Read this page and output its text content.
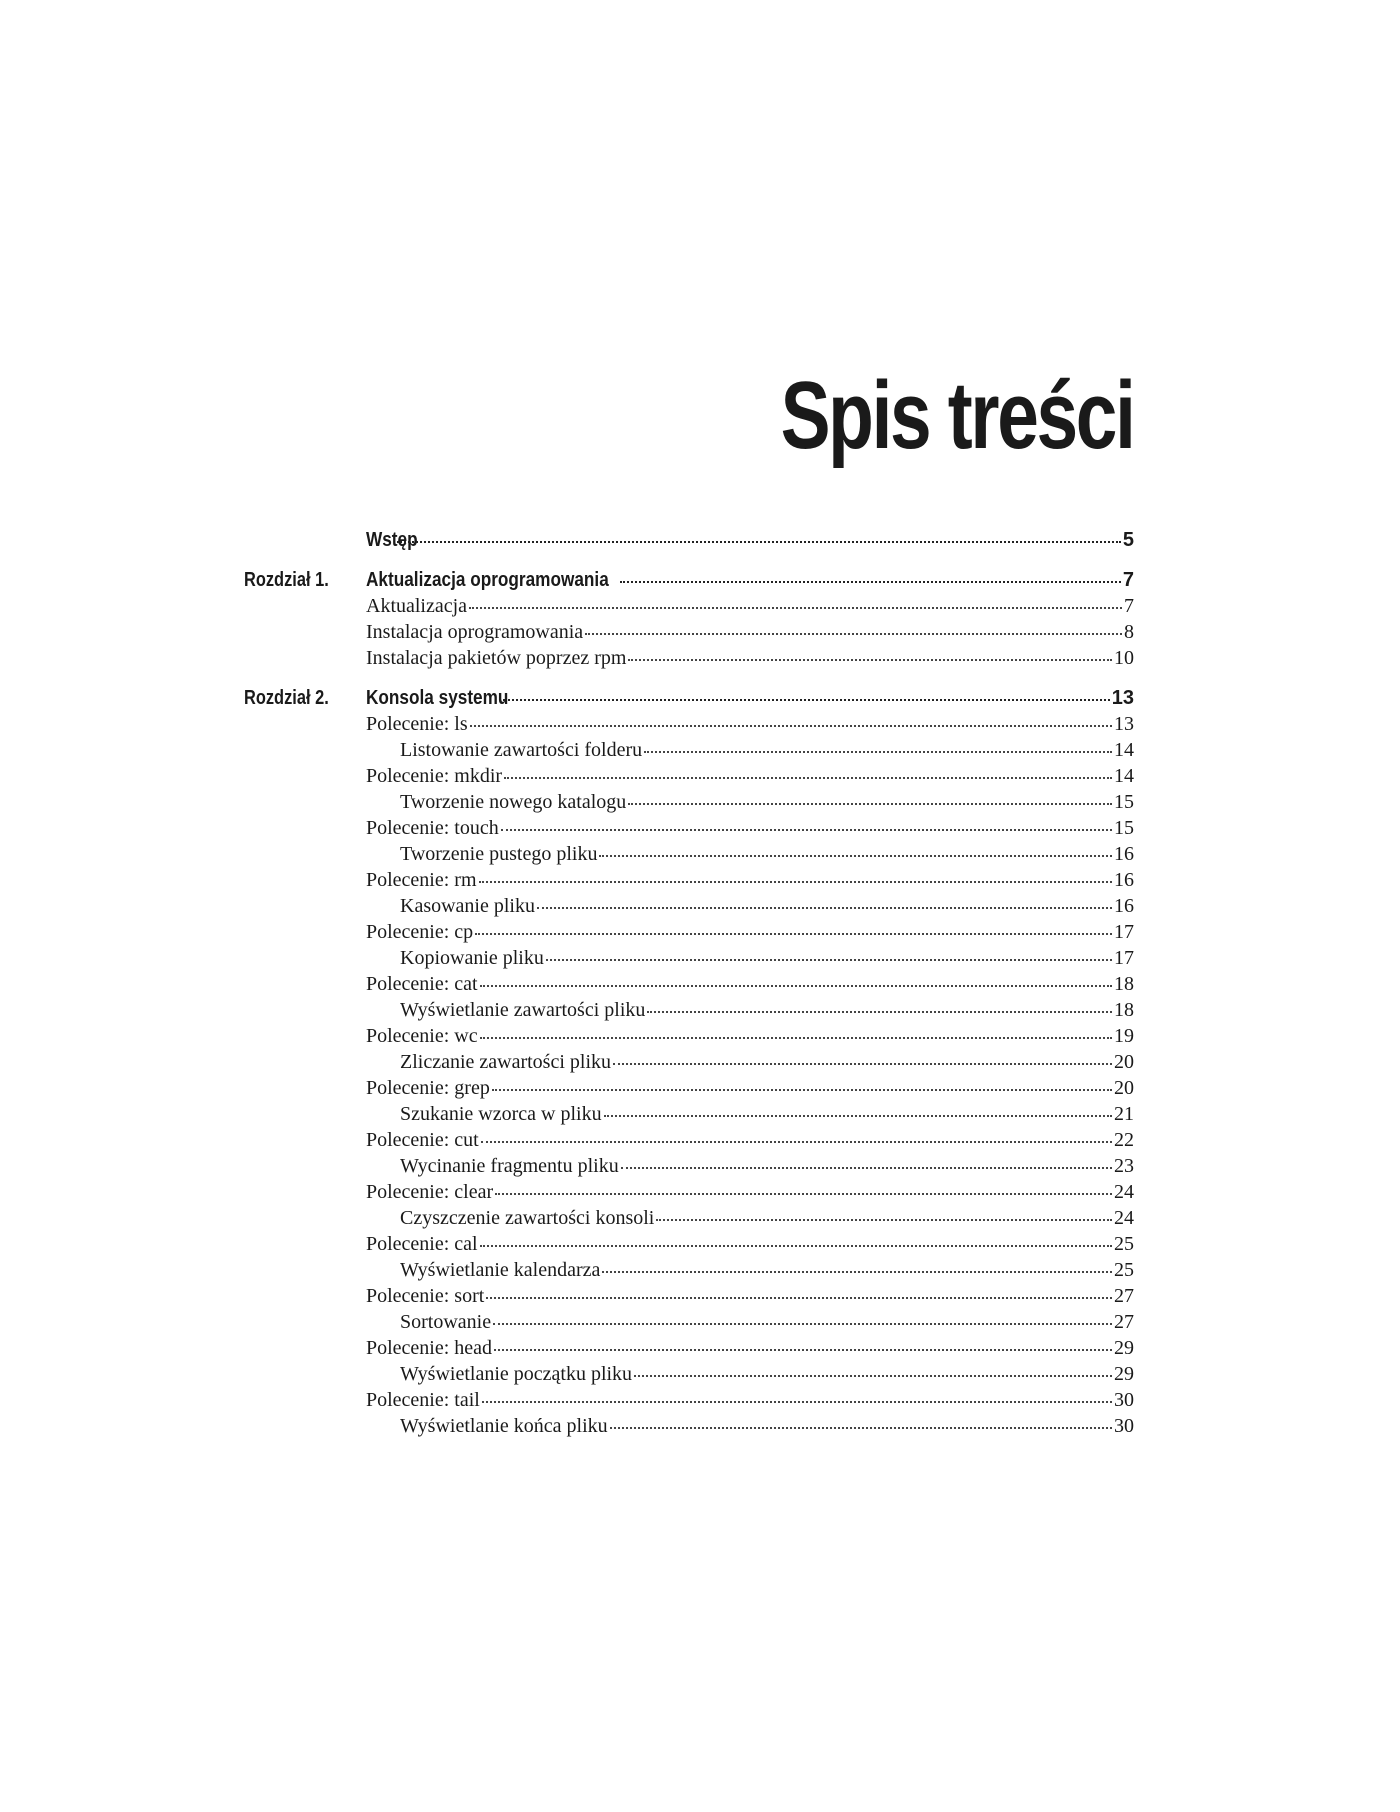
Spis treści
Wstęp	5
Rozdział 1. Aktualizacja oprogramowania	7
Aktualizacja	7
Instalacja oprogramowania	8
Instalacja pakietów poprzez rpm	10
Rozdział 2. Konsola systemu	13
Polecenie: ls	13
Listowanie zawartości folderu	14
Polecenie: mkdir	14
Tworzenie nowego katalogu	15
Polecenie: touch	15
Tworzenie pustego pliku	16
Polecenie: rm	16
Kasowanie pliku	16
Polecenie: cp	17
Kopiowanie pliku	17
Polecenie: cat	18
Wyświetlanie zawartości pliku	18
Polecenie: wc	19
Zliczanie zawartości pliku	20
Polecenie: grep	20
Szukanie wzorca w pliku	21
Polecenie: cut	22
Wycinanie fragmentu pliku	23
Polecenie: clear	24
Czyszczenie zawartości konsoli	24
Polecenie: cal	25
Wyświetlanie kalendarza	25
Polecenie: sort	27
Sortowanie	27
Polecenie: head	29
Wyświetlanie początku pliku	29
Polecenie: tail	30
Wyświetlanie końca pliku	30
